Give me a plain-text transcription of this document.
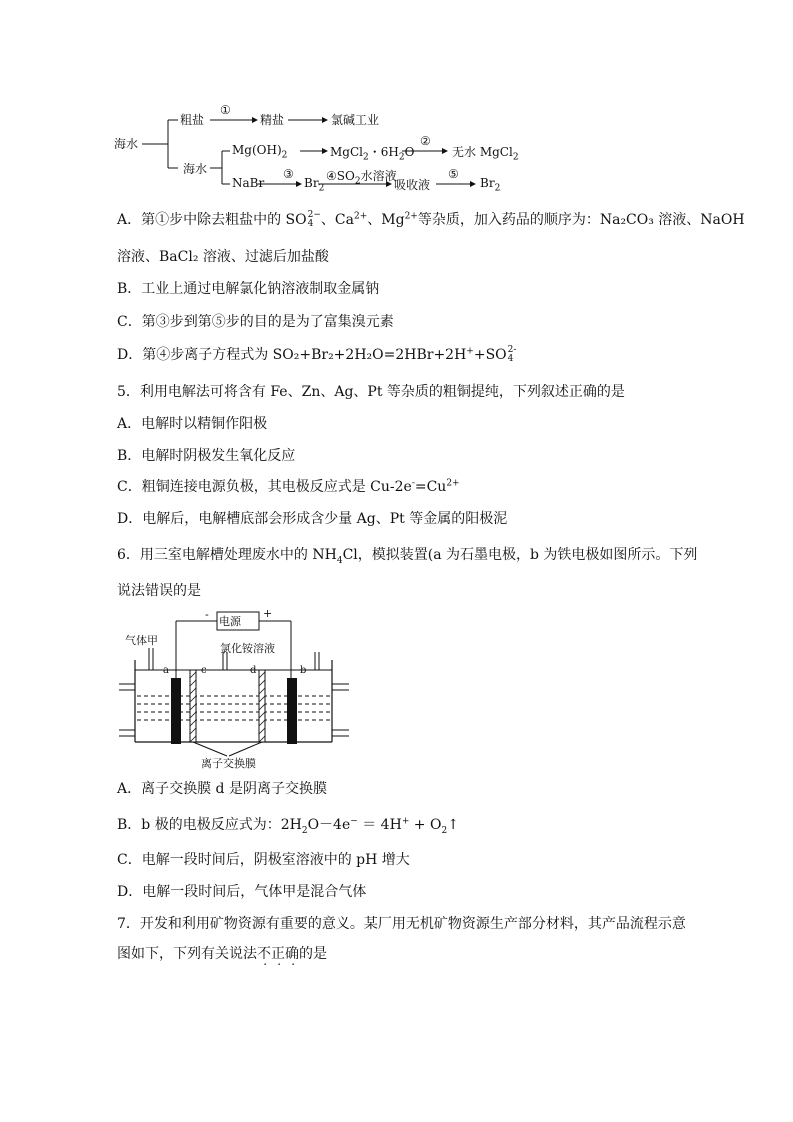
海水
粗盐
①
精盐	氯碱工业
海水
$Mg(OH)_2$	MgCl$_2$・$6H_2O$
②
无水 MgCl$_2$
NaBr
③
$Br_2$
$④SO_2$水溶液
吸收液
⑤
$Br_2$
A．第①步中除去粗盐中的 SO 2−
4 、$Ca^{2+}$、$Mg^{2+}$等杂质，加入药品的顺序为：Na₂CO₃ 溶液、NaOH
溶液、BaCl₂ 溶液、过滤后加盐酸
B．工业上通过电解氯化钠溶液制取金属钠
C．第③步到第⑤步的目的是为了富集溴元素
D．第④步离子方程式为 SO₂+Br₂+2H₂O=2HBr+2H++SO 2-
4
5．利用电解法可将含有 Fe、Zn、Ag、Pt 等杂质的粗铜提纯，下列叙述正确的是
A．电解时以精铜作阳极
B．电解时阴极发生氧化反应
C．粗铜连接电源负极，其电极反应式是 $Cu-2e^-=Cu^{2+}$
D．电解后，电解槽底部会形成含少量 Ag、Pt 等金属的阳极泥
6．用三室电解槽处理废水中的 $NH_4Cl$，模拟装置(a 为石墨电极，b 为铁电极如图所示。下列
说法错误的是
电源
-	+
气体甲
氯化铵溶液
a	c	d	b
离子交换膜
A．离子交换膜 d 是阴离子交换膜
B．b 极的电极反应式为：$2H_2O-4e^- = 4H^+$ + $O_2↑$
C．电解一段时间后，阴极室溶液中的 pH 增大
D．电解一段时间后，气体甲是混合气体
7．开发和利用矿物资源有重要的意义。某厂用无机矿物资源生产部分材料，其产品流程示意
图如下，下列有关说法不正确的是
